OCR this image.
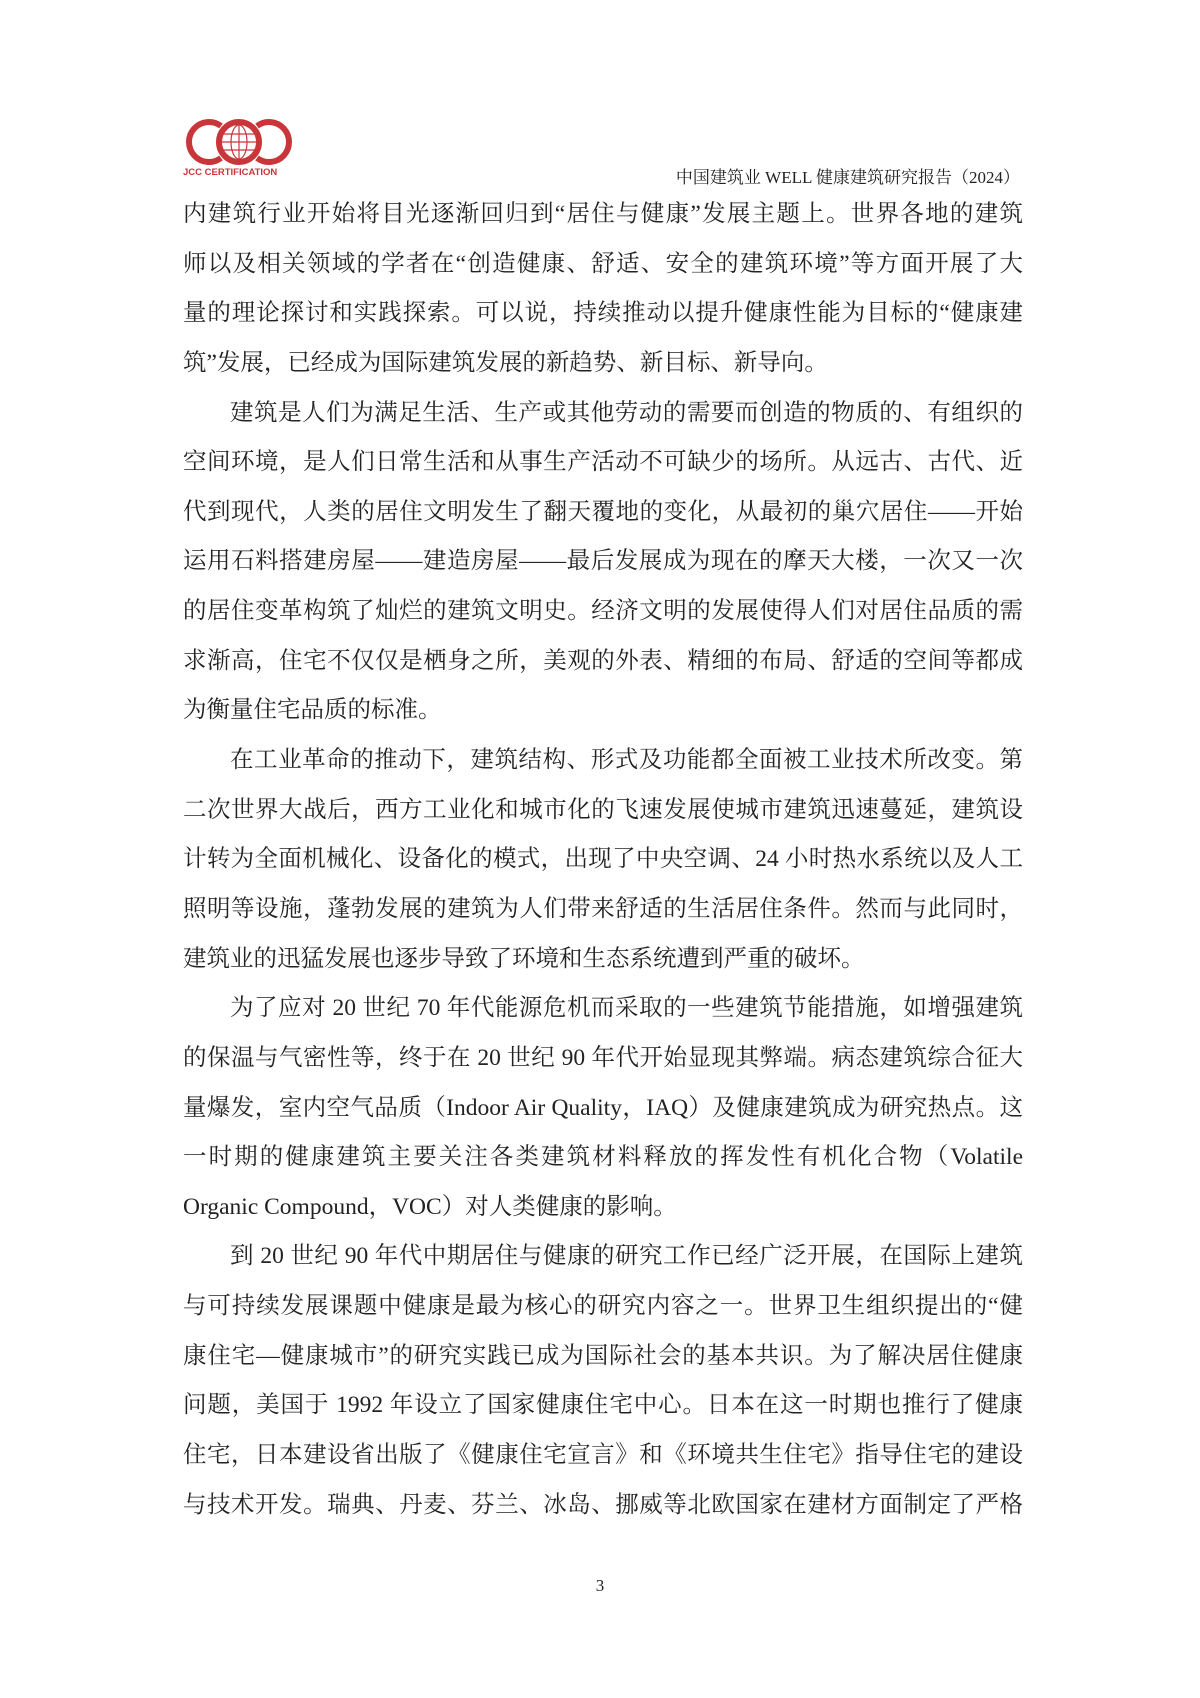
JCC CERTIFICATION	中国建筑业 WELL 健康建筑研究报告（2024）
内建筑行业开始将目光逐渐回归到“居住与健康”发展主题上。世界各地的建筑
师以及相关领域的学者在“创造健康、舒适、安全的建筑环境”等方面开展了大
量的理论探讨和实践探索。可以说，持续推动以提升健康性能为目标的“健康建
筑”发展，已经成为国际建筑发展的新趋势、新目标、新导向。
建筑是人们为满足生活、生产或其他劳动的需要而创造的物质的、有组织的
空间环境，是人们日常生活和从事生产活动不可缺少的场所。从远古、古代、近
代到现代，人类的居住文明发生了翻天覆地的变化，从最初的巢穴居住——开始
运用石料搭建房屋——建造房屋——最后发展成为现在的摩天大楼，一次又一次
的居住变革构筑了灿烂的建筑文明史。经济文明的发展使得人们对居住品质的需
求渐高，住宅不仅仅是栖身之所，美观的外表、精细的布局、舒适的空间等都成
为衡量住宅品质的标准。
在工业革命的推动下，建筑结构、形式及功能都全面被工业技术所改变。第
二次世界大战后，西方工业化和城市化的飞速发展使城市建筑迅速蔓延，建筑设
计转为全面机械化、设备化的模式，出现了中央空调、24 小时热水系统以及人工
照明等设施，蓬勃发展的建筑为人们带来舒适的生活居住条件。然而与此同时，
建筑业的迅猛发展也逐步导致了环境和生态系统遭到严重的破坏。
为了应对 20 世纪 70 年代能源危机而采取的一些建筑节能措施，如增强建筑
的保温与气密性等，终于在 20 世纪 90 年代开始显现其弊端。病态建筑综合征大
量爆发，室内空气品质（Indoor Air Quality，IAQ）及健康建筑成为研究热点。这
一时期的健康建筑主要关注各类建筑材料释放的挥发性有机化合物（Volatile
Organic Compound，VOC）对人类健康的影响。
到 20 世纪 90 年代中期居住与健康的研究工作已经广泛开展，在国际上建筑
与可持续发展课题中健康是最为核心的研究内容之一。世界卫生组织提出的“健
康住宅—健康城市”的研究实践已成为国际社会的基本共识。为了解决居住健康
问题，美国于 1992 年设立了国家健康住宅中心。日本在这一时期也推行了健康
住宅，日本建设省出版了《健康住宅宣言》和《环境共生住宅》指导住宅的建设
与技术开发。瑞典、丹麦、芬兰、冰岛、挪威等北欧国家在建材方面制定了严格
3
